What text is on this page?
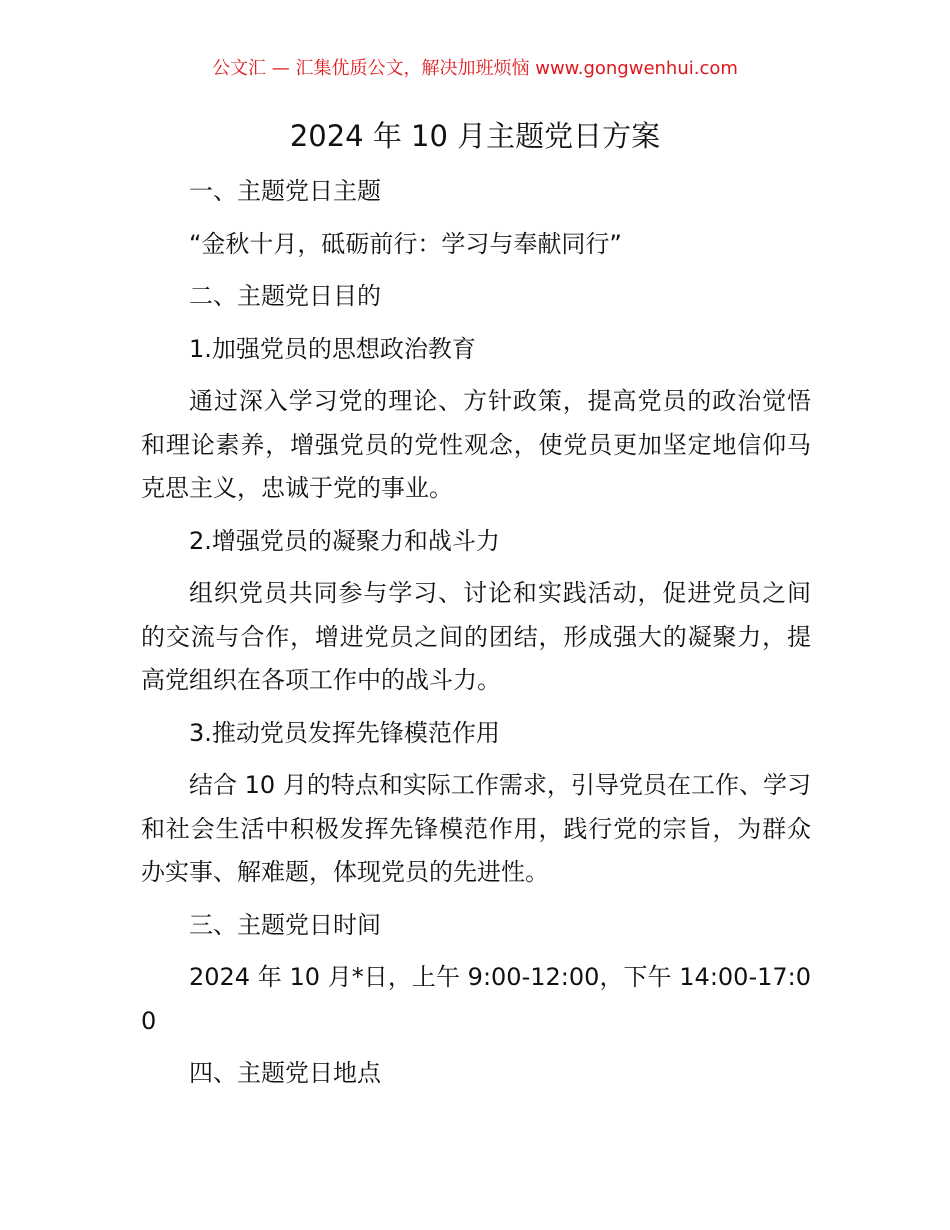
公文汇 — 汇集优质公文，解决加班烦恼 www.gongwenhui.com
2024 年 10 月主题党日方案

一、主题党日主题

“金秋十月，砥砺前行：学习与奉献同行”

二、主题党日目的

1.加强党员的思想政治教育

通过深入学习党的理论、方针政策，提高党员的政治觉悟和理论素养，增强党员的党性观念，使党员更加坚定地信仰马克思主义，忠诚于党的事业。

2.增强党员的凝聚力和战斗力

组织党员共同参与学习、讨论和实践活动，促进党员之间的交流与合作，增进党员之间的团结，形成强大的凝聚力，提高党组织在各项工作中的战斗力。

3.推动党员发挥先锋模范作用

结合 10 月的特点和实际工作需求，引导党员在工作、学习和社会生活中积极发挥先锋模范作用，践行党的宗旨，为群众办实事、解难题，体现党员的先进性。

三、主题党日时间

2024 年 10 月*日，上午 9:00-12:00，下午 14:00-17:00

四、主题党日地点
